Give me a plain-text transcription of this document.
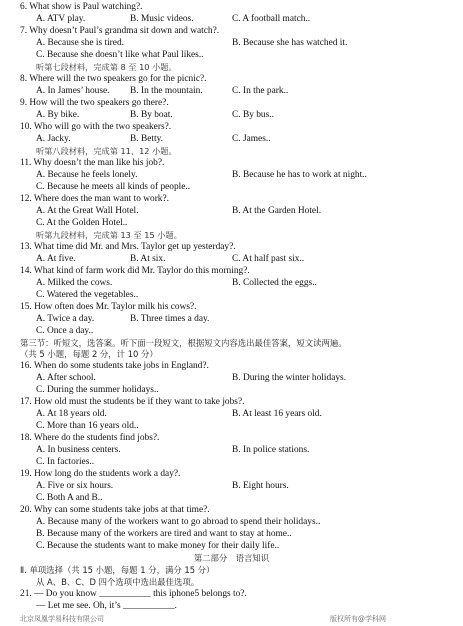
北京凤凰学易科技有限公司	版权所有@学科网
6. What show is Paul watching?.
A. ATV play.	B. Music videos.	C. A football match..
7. Why doesn’t Paul’s grandma sit down and watch?.
A. Because she is tired.	B. Because she has watched it.
C. Because she doesn’t like what Paul likes..
听第七段材料，完成第 8 至 10 小题。
8. Where will the two speakers go for the picnic?.
A. In James’ house. B. In the mountain.	C. In the park..
9. How will the two speakers go there?.
A. By bike.	B. By boat.	C. By bus..
10. Who will go with the two speakers?.
A. Jacky.	B. Betty.	C. James..
听第八段材料，完成第 11、12 小题。
11. Why doesn’t the man like his job?.
A. Because he feels lonely.	B. Because he has to work at night..
C. Because he meets all kinds of people..
12. Where does the man want to work?.
A. At the Great Wall Hotel.	B. At the Garden Hotel.
C. At the Golden Hotel..
听第九段材料，完成第 13 至 15 小题。
13. What time did Mr. and Mrs. Taylor get up yesterday?.
A. At five.	B. At six.	C. At half past six..
14. What kind of farm work did Mr. Taylor do this morning?.
A. Milked the cows.	B. Collected the eggs..
C. Watered the vegetables..
15. How often does Mr. Taylor milk his cows?.
A. Twice a day.	B. Three times a day.
C. Once a day..
第三节：听短文，选答案。听下面一段短文，根据短文内容选出最佳答案，短文读两遍。
（共 5 小题，每题 2 分，计 10 分）
16. When do some students take jobs in England?.
A. After school.	B. During the winter holidays.
C. During the summer holidays..
17. How old must the students be if they want to take jobs?.
A. At 18 years old.	B. At least 16 years old.
C. More than 16 years old..
18. Where do the students find jobs?.
A. In business centers.	B. In police stations.
C. In factories..
19. How long do the students work a day?.
A. Five or six hours.	B. Eight hours.
C. Both A and B..
20. Why can some students take jobs at that time?.
A. Because many of the workers want to go abroad to spend their holidays..
B. Because many of the workers are tired and want to stay at home..
C. Because the students want to make money for their daily life..
第二部分　语言知识
Ⅱ. 单项选择（共 15 小题，每题 1 分，满分 15 分）
从 A、B、C、D 四个选项中选出最佳选项。
21. — Do you know ___________ this iphone5 belongs to?.
— Let me see. Oh, it’s ___________.
